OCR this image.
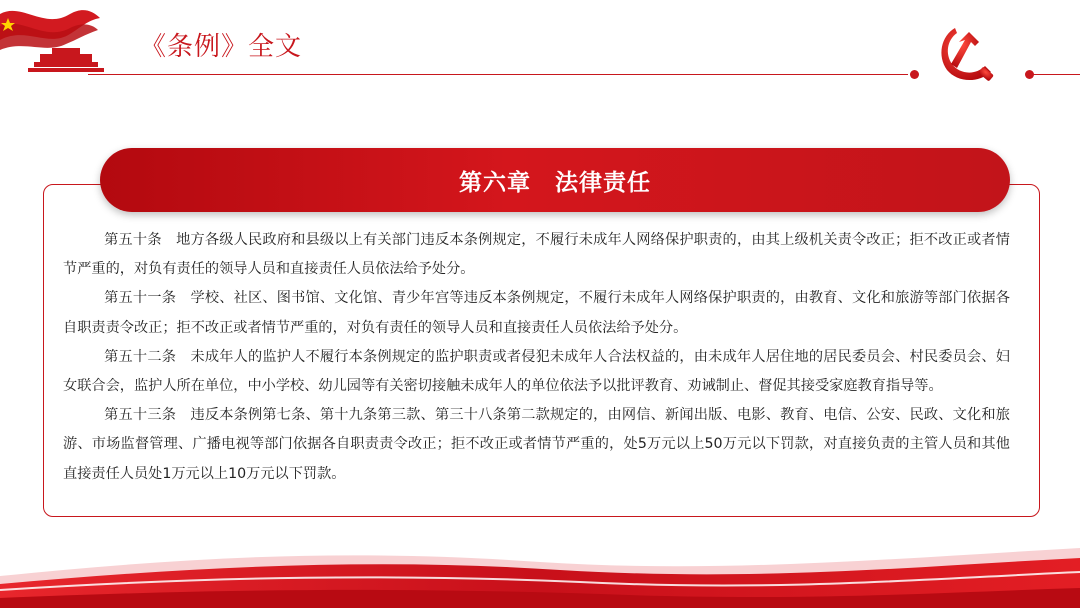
《条例》全文
第六章　法律责任

第五十条　地方各级人民政府和县级以上有关部门违反本条例规定，不履行未成年人网络保护职责的，由其上级机关责令改正；拒不改正或者情节严重的，对负有责任的领导人员和直接责任人员依法给予处分。

第五十一条　学校、社区、图书馆、文化馆、青少年宫等违反本条例规定，不履行未成年人网络保护职责的，由教育、文化和旅游等部门依据各自职责责令改正；拒不改正或者情节严重的，对负有责任的领导人员和直接责任人员依法给予处分。

第五十二条　未成年人的监护人不履行本条例规定的监护职责或者侵犯未成年人合法权益的，由未成年人居住地的居民委员会、村民委员会、妇女联合会，监护人所在单位，中小学校、幼儿园等有关密切接触未成年人的单位依法予以批评教育、劝诫制止、督促其接受家庭教育指导等。

第五十三条　违反本条例第七条、第十九条第三款、第三十八条第二款规定的，由网信、新闻出版、电影、教育、电信、公安、民政、文化和旅游、市场监督管理、广播电视等部门依据各自职责责令改正；拒不改正或者情节严重的，处5万元以上50万元以下罚款，对直接负责的主管人员和其他直接责任人员处1万元以上10万元以下罚款。
